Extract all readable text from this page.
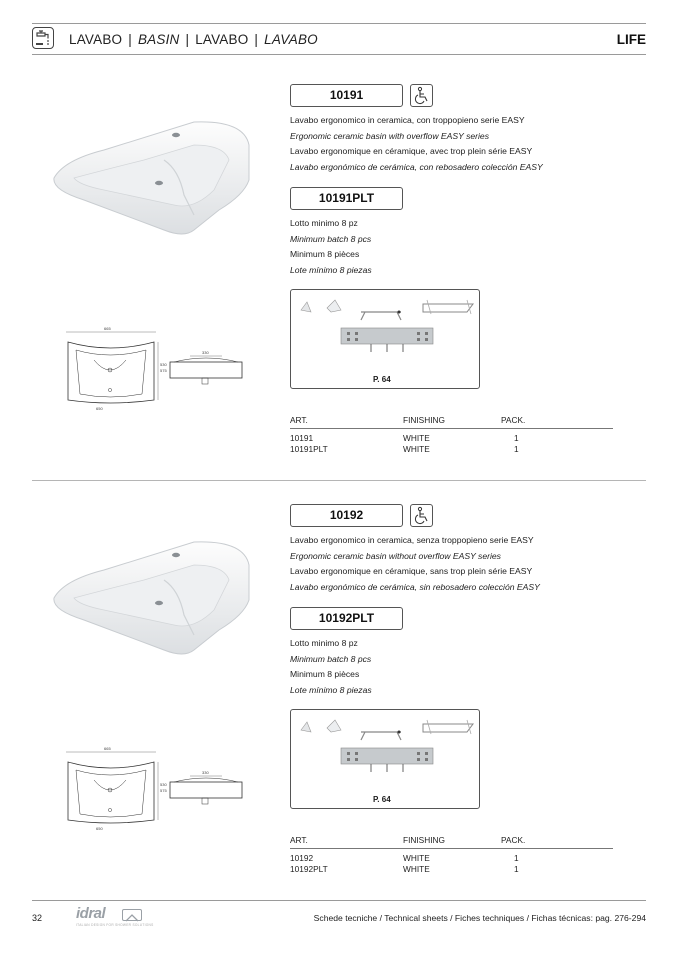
LAVABO | BASIN | LAVABO | LAVABO	LIFE
665
575
530
650
330
10191
Lavabo ergonomico in ceramica, con troppopieno serie EASY
Ergonomic ceramic basin with overflow EASY series
Lavabo ergonomique en céramique, avec trop plein série EASY
Lavabo ergonómico de cerámica, con rebosadero colección EASY
10191PLT
Lotto minimo 8 pz
Minimum batch 8 pcs
Minimum 8 pièces
Lote mínimo 8 piezas
P. 64
ART.	FINISHING	PACK.
10191	WHITE	1
10191PLT	WHITE	1
665
575
530
650
330
10192
Lavabo ergonomico in ceramica, senza troppopieno serie EASY
Ergonomic ceramic basin without overflow EASY series
Lavabo ergonomique en céramique, sans trop plein série EASY
Lavabo ergonómico de cerámica, sin rebosadero colección EASY
10192PLT
Lotto minimo 8 pz
Minimum batch 8 pcs
Minimum 8 pièces
Lote mínimo 8 piezas
P. 64
ART.	FINISHING	PACK.
10192	WHITE	1
10192PLT	WHITE	1
32 idral
ITALIAN DESIGN FOR SHOWER SOLUTIONS
Schede tecniche / Technical sheets / Fiches techniques / Fichas técnicas: pag. 276-294
